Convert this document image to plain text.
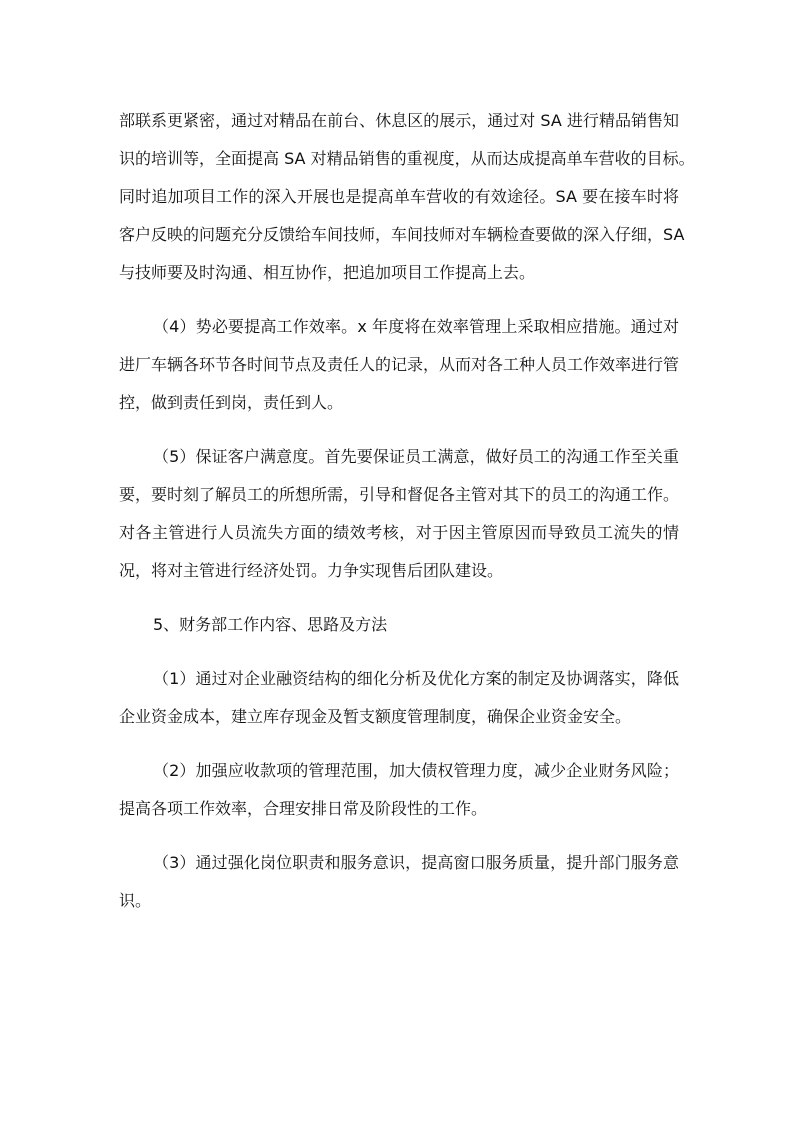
部联系更紧密，通过对精品在前台、休息区的展示，通过对 SA 进行精品销售知
识的培训等，全面提高 SA 对精品销售的重视度，从而达成提高单车营收的目标。
同时追加项目工作的深入开展也是提高单车营收的有效途径。SA 要在接车时将
客户反映的问题充分反馈给车间技师，车间技师对车辆检查要做的深入仔细，SA
与技师要及时沟通、相互协作，把追加项目工作提高上去。

（4）势必要提高工作效率。x 年度将在效率管理上采取相应措施。通过对
进厂车辆各环节各时间节点及责任人的记录，从而对各工种人员工作效率进行管
控，做到责任到岗，责任到人。

（5）保证客户满意度。首先要保证员工满意，做好员工的沟通工作至关重
要，要时刻了解员工的所想所需，引导和督促各主管对其下的员工的沟通工作。
对各主管进行人员流失方面的绩效考核，对于因主管原因而导致员工流失的情
况，将对主管进行经济处罚。力争实现售后团队建设。

5、财务部工作内容、思路及方法

（1）通过对企业融资结构的细化分析及优化方案的制定及协调落实，降低
企业资金成本，建立库存现金及暂支额度管理制度，确保企业资金安全。

（2）加强应收款项的管理范围，加大债权管理力度，减少企业财务风险；
提高各项工作效率，合理安排日常及阶段性的工作。

（3）通过强化岗位职责和服务意识，提高窗口服务质量，提升部门服务意
识。
